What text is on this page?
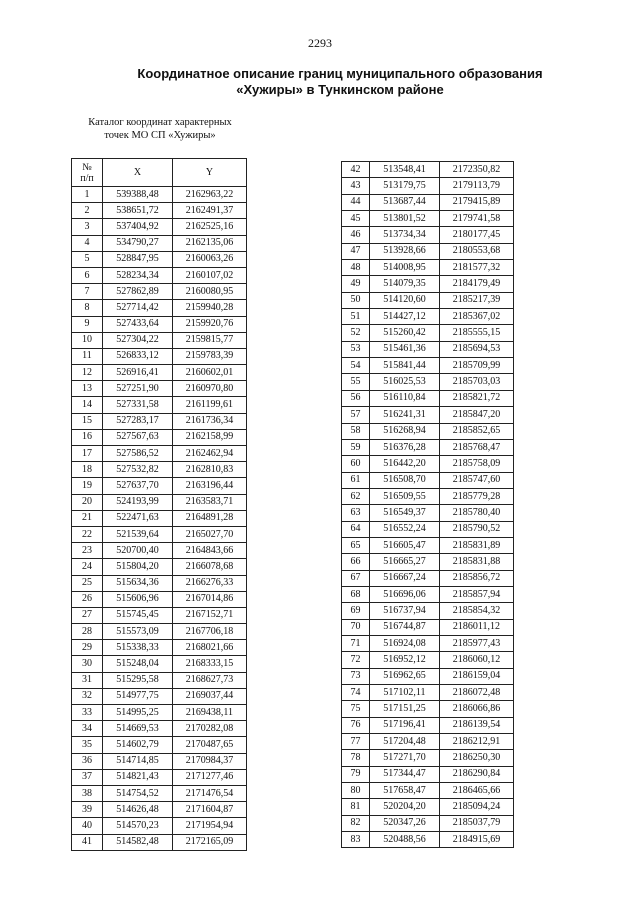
2293
Координатное описание границ муниципального образования
«Хужиры» в Тункинском районе
Каталог координат характерных
точек МО СП «Хужиры»
№
п/п	X	Y
1	539388,48	2162963,22
2	538651,72	2162491,37
3	537404,92	2162525,16
4	534790,27	2162135,06
5	528847,95	2160063,26
6	528234,34	2160107,02
7	527862,89	2160080,95
8	527714,42	2159940,28
9	527433,64	2159920,76
10	527304,22	2159815,77
11	526833,12	2159783,39
12	526916,41	2160602,01
13	527251,90	2160970,80
14	527331,58	2161199,61
15	527283,17	2161736,34
16	527567,63	2162158,99
17	527586,52	2162462,94
18	527532,82	2162810,83
19	527637,70	2163196,44
20	524193,99	2163583,71
21	522471,63	2164891,28
22	521539,64	2165027,70
23	520700,40	2164843,66
24	515804,20	2166078,68
25	515634,36	2166276,33
26	515606,96	2167014,86
27	515745,45	2167152,71
28	515573,09	2167706,18
29	515338,33	2168021,66
30	515248,04	2168333,15
31	515295,58	2168627,73
32	514977,75	2169037,44
33	514995,25	2169438,11
34	514669,53	2170282,08
35	514602,79	2170487,65
36	514714,85	2170984,37
37	514821,43	2171277,46
38	514754,52	2171476,54
39	514626,48	2171604,87
40	514570,23	2171954,94
41	514582,48	2172165,09
42	513548,41	2172350,82
43	513179,75	2179113,79
44	513687,44	2179415,89
45	513801,52	2179741,58
46	513734,34	2180177,45
47	513928,66	2180553,68
48	514008,95	2181577,32
49	514079,35	2184179,49
50	514120,60	2185217,39
51	514427,12	2185367,02
52	515260,42	2185555,15
53	515461,36	2185694,53
54	515841,44	2185709,99
55	516025,53	2185703,03
56	516110,84	2185821,72
57	516241,31	2185847,20
58	516268,94	2185852,65
59	516376,28	2185768,47
60	516442,20	2185758,09
61	516508,70	2185747,60
62	516509,55	2185779,28
63	516549,37	2185780,40
64	516552,24	2185790,52
65	516605,47	2185831,89
66	516665,27	2185831,88
67	516667,24	2185856,72
68	516696,06	2185857,94
69	516737,94	2185854,32
70	516744,87	2186011,12
71	516924,08	2185977,43
72	516952,12	2186060,12
73	516962,65	2186159,04
74	517102,11	2186072,48
75	517151,25	2186066,86
76	517196,41	2186139,54
77	517204,48	2186212,91
78	517271,70	2186250,30
79	517344,47	2186290,84
80	517658,47	2186465,66
81	520204,20	2185094,24
82	520347,26	2185037,79
83	520488,56	2184915,69
